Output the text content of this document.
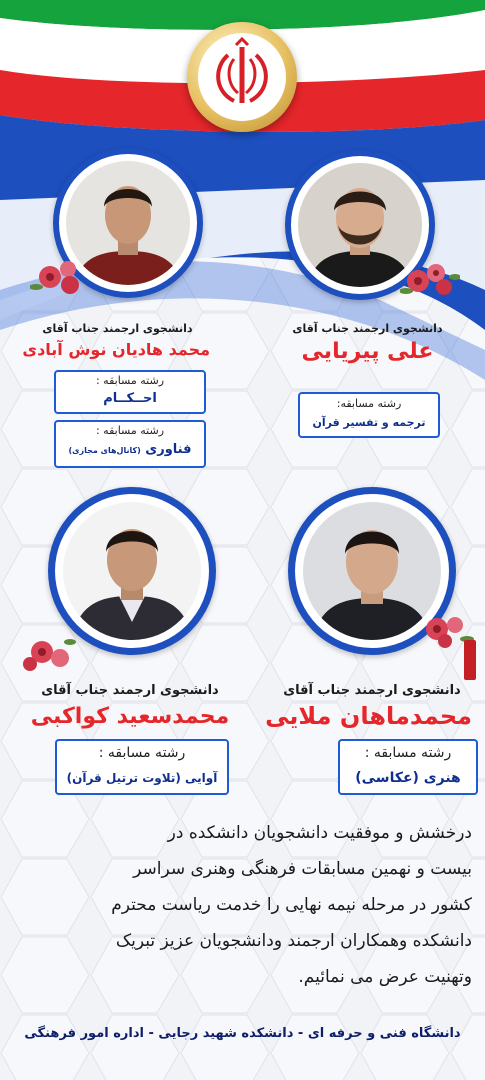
دانشجوی ارجمند جناب آقای
محمد هادیان نوش آبادی
رشته مسابقه :
احــکــام
رشته مسابقه :
فناوری (کانال‌های مجازی)
دانشجوی ارجمند جناب آقای
علی پیریایی
رشته مسابقه:
ترجمه و تفسیر قرآن
دانشجوی ارجمند جناب آقای
محمدماهان ملایی
رشته مسابقه :
هنری (عکاسی)
دانشجوی ارجمند جناب آقای
محمدسعید کواکبی
رشته مسابقه :
آوایی (تلاوت ترتیل قرآن)
درخشش و موفقیت دانشجویان دانشکده در
بیست و نهمین مسابقات فرهنگی وهنری سراسر
کشور در مرحله نیمه نهایی را خدمت ریاست محترم
دانشکده وهمکاران ارجمند ودانشجویان عزیز تبریک
وتهنیت عرض می نمائیم.
دانشگاه فنی و حرفه ای - دانشکده شهید رجایی - اداره امور فرهنگی
